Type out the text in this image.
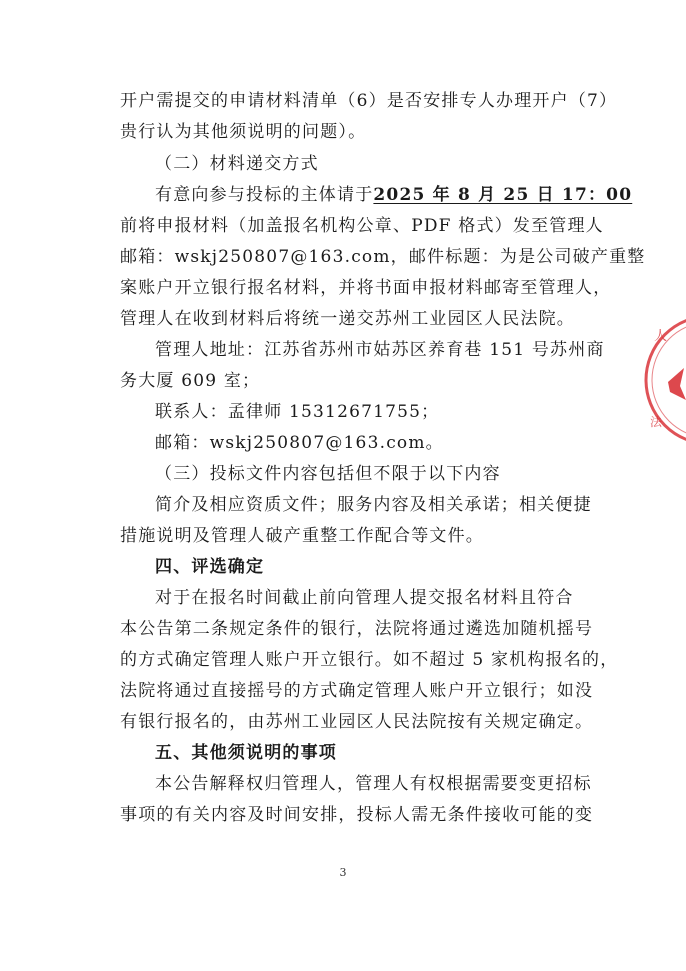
开户需提交的申请材料清单（6）是否安排专人办理开户（7）
贵行认为其他须说明的问题）。
（二）材料递交方式
有意向参与投标的主体请于2025 年 8 月 25 日 17：00
前将申报材料（加盖报名机构公章、PDF 格式）发至管理人
邮箱：wskj250807@163.com，邮件标题：为是公司破产重整
案账户开立银行报名材料，并将书面申报材料邮寄至管理人，
管理人在收到材料后将统一递交苏州工业园区人民法院。
管理人地址：江苏省苏州市姑苏区养育巷 151 号苏州商
务大厦 609 室；
联系人：孟律师 15312671755；
邮箱：wskj250807@163.com。
（三）投标文件内容包括但不限于以下内容
简介及相应资质文件；服务内容及相关承诺；相关便捷
措施说明及管理人破产重整工作配合等文件。
四、评选确定
对于在报名时间截止前向管理人提交报名材料且符合
本公告第二条规定条件的银行，法院将通过遴选加随机摇号
的方式确定管理人账户开立银行。如不超过 5 家机构报名的，
法院将通过直接摇号的方式确定管理人账户开立银行；如没
有银行报名的，由苏州工业园区人民法院按有关规定确定。
五、其他须说明的事项
本公告解释权归管理人，管理人有权根据需要变更招标
事项的有关内容及时间安排，投标人需无条件接收可能的变
3
人
法
